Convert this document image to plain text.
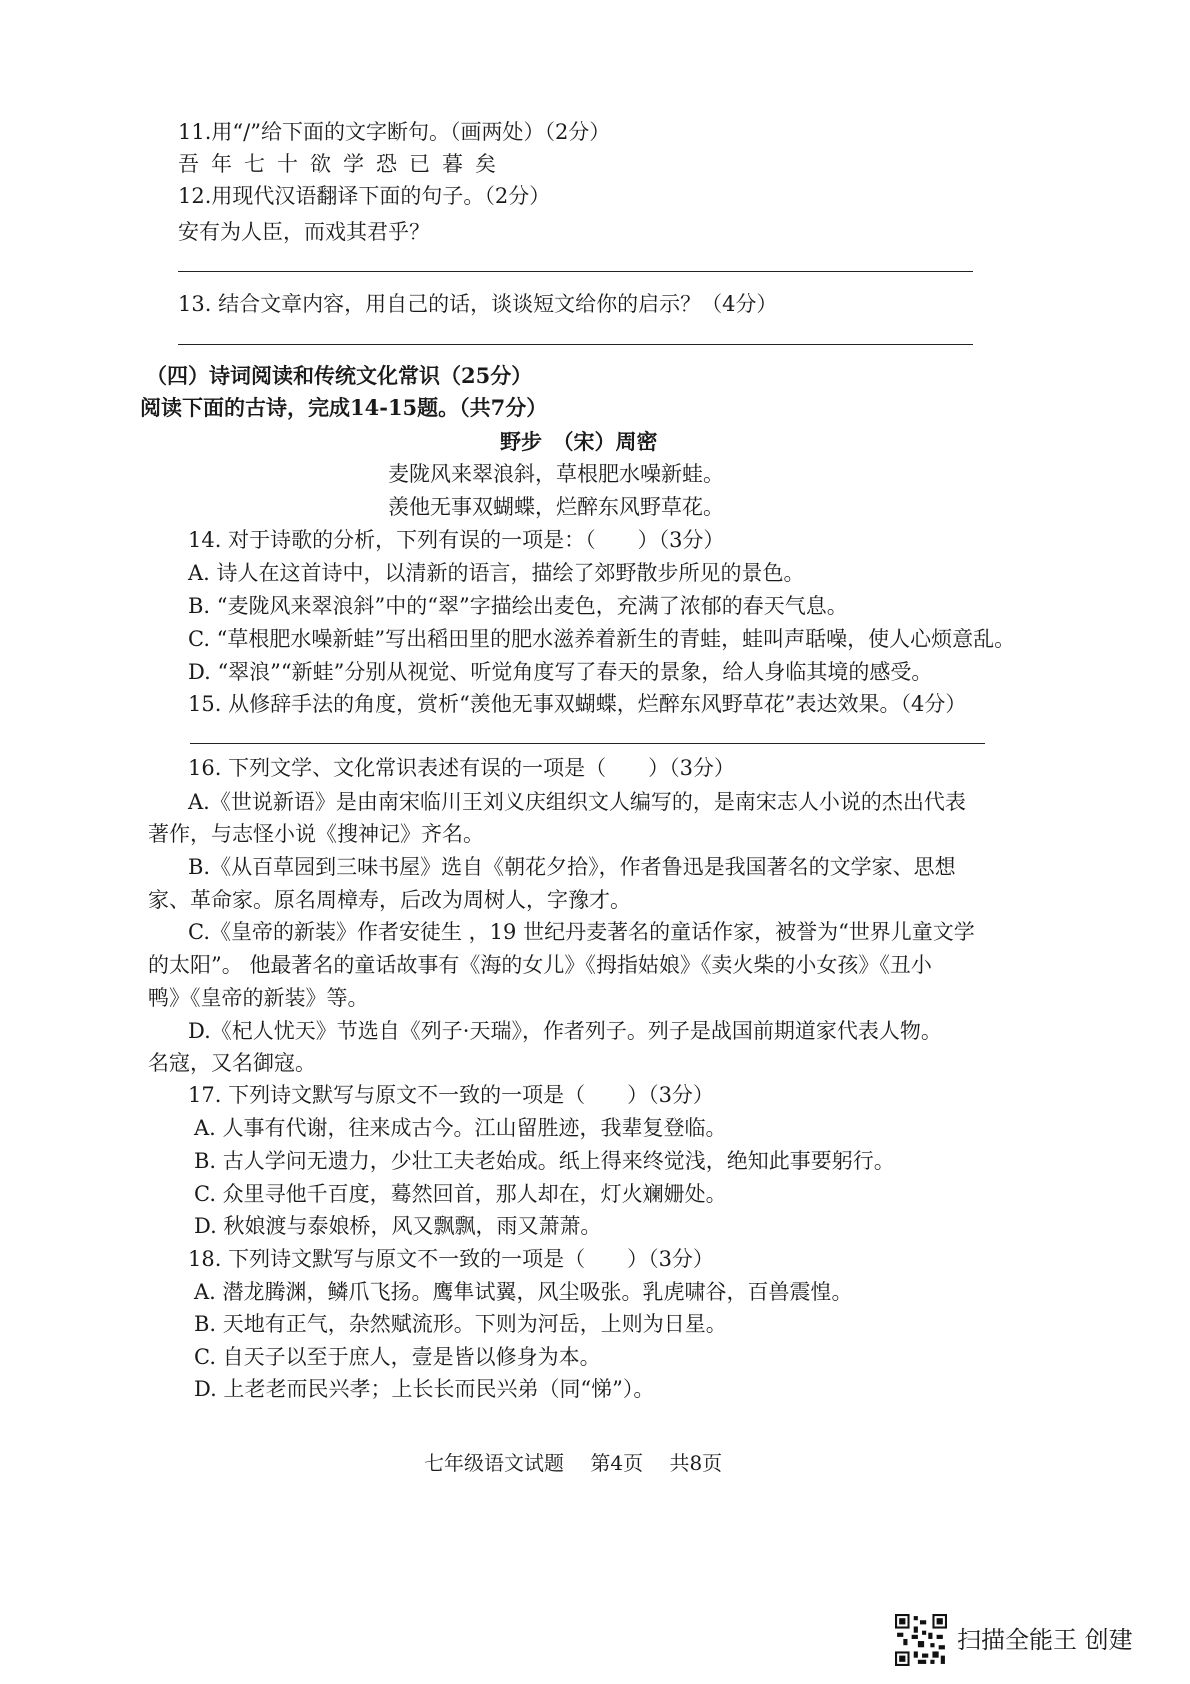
11.用“/”给下面的文字断句。（画两处）（2分）
吾年七十欲学恐已暮矣
12.用现代汉语翻译下面的句子。（2分）
安有为人臣，而戏其君乎？
13. 结合文章内容，用自己的话，谈谈短文给你的启示？（4分）
（四）诗词阅读和传统文化常识（25分）
阅读下面的古诗，完成14-15题。（共7分）
野步　（宋）周密
麦陇风来翠浪斜，草根肥水噪新蛙。
羡他无事双蝴蝶，烂醉东风野草花。
14. 对于诗歌的分析，下列有误的一项是：（　　）（3分）
A. 诗人在这首诗中，以清新的语言，描绘了郊野散步所见的景色。
B. “麦陇风来翠浪斜”中的“翠”字描绘出麦色，充满了浓郁的春天气息。
C. “草根肥水噪新蛙”写出稻田里的肥水滋养着新生的青蛙，蛙叫声聒噪，使人心烦意乱。
D. “翠浪”“新蛙”分别从视觉、听觉角度写了春天的景象，给人身临其境的感受。
15. 从修辞手法的角度，赏析“羡他无事双蝴蝶，烂醉东风野草花”表达效果。（4分）
16. 下列文学、文化常识表述有误的一项是（　　）（3分）
A.《世说新语》是由南宋临川王刘义庆组织文人编写的，是南宋志人小说的杰出代表
著作，与志怪小说《搜神记》齐名。
B.《从百草园到三味书屋》选自《朝花夕拾》，作者鲁迅是我国著名的文学家、思想
家、革命家。原名周樟寿，后改为周树人，字豫才。
C.《皇帝的新装》作者安徒生 ，19 世纪丹麦著名的童话作家，被誉为“世界儿童文学
的太阳”。 他最著名的童话故事有《海的女儿》《拇指姑娘》《卖火柴的小女孩》《丑小
鸭》《皇帝的新装》等。
D.《杞人忧天》节选自《列子·天瑞》，作者列子。列子是战国前期道家代表人物。
名寇，又名御寇。
17. 下列诗文默写与原文不一致的一项是（　　）（3分）
A. 人事有代谢，往来成古今。江山留胜迹，我辈复登临。
B. 古人学问无遗力，少壮工夫老始成。纸上得来终觉浅，绝知此事要躬行。
C. 众里寻他千百度，蓦然回首，那人却在，灯火斓姗处。
D. 秋娘渡与泰娘桥，风又飘飘，雨又萧萧。
18. 下列诗文默写与原文不一致的一项是（　　）（3分）
A. 潜龙腾渊，鳞爪飞扬。鹰隼试翼，风尘吸张。乳虎啸谷，百兽震惶。
B. 天地有正气，杂然赋流形。下则为河岳，上则为日星。
C. 自天子以至于庶人，壹是皆以修身为本。
D. 上老老而民兴孝；上长长而民兴弟（同“悌”）。
七年级语文试题　 第4页　 共8页
扫描全能王 创建
